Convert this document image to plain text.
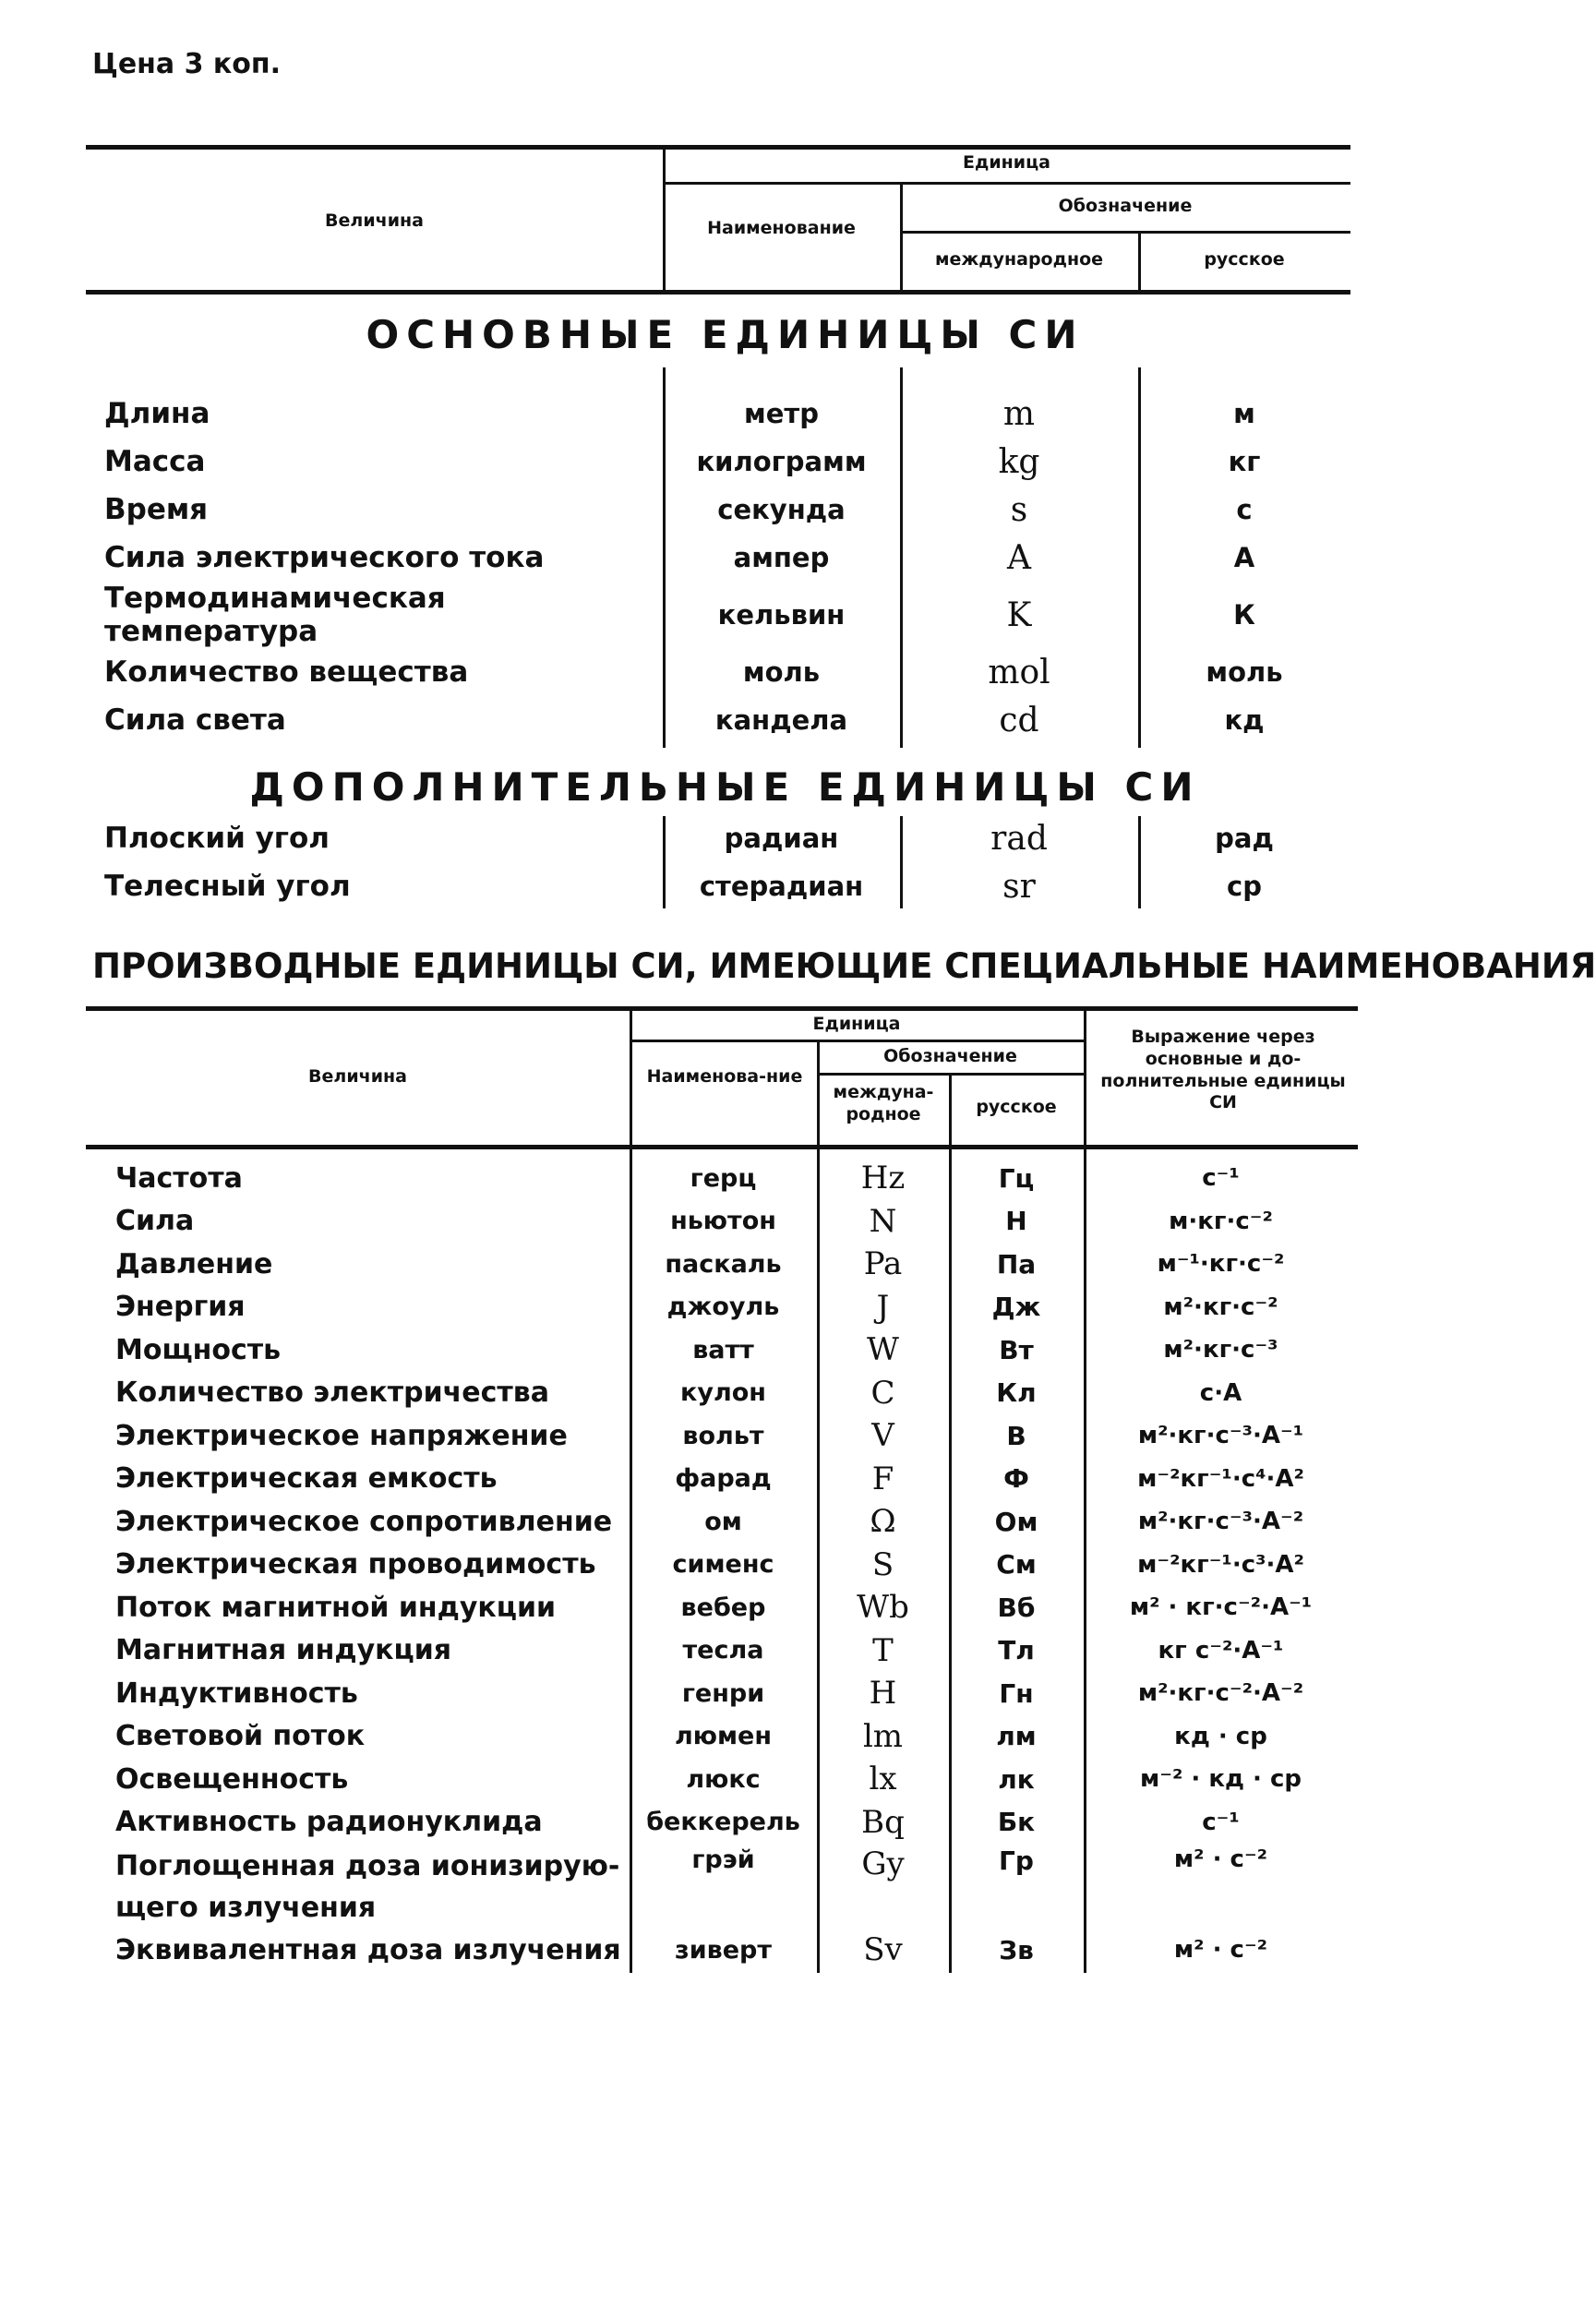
Цена 3 коп.
Величина
Единица
Наименование
Обозначение
международное	русское
ОСНОВНЫЕ ЕДИНИЦЫ СИ
Длина	метр	m	м
Масса	килограмм	kg	кг
Время	секунда	s	с
Сила электрического тока	ампер	A	А
Термодинамическая температура	кельвин	K	К
Количество вещества	моль	mol	моль
Сила света	кандела	cd	кд
ДОПОЛНИТЕЛЬНЫЕ ЕДИНИЦЫ СИ
Плоский угол	радиан	rad	рад
Телесный угол	стерадиан	sr	ср
ПРОИЗВОДНЫЕ ЕДИНИЦЫ СИ, ИМЕЮЩИЕ СПЕЦИАЛЬНЫЕ НАИМЕНОВАНИЯ
Величина
Единица
Наименова-ние
Обозначение
междуна-родное	русское
Выражение через основные и до-полнительные единицы СИ
Частота	герц	Hz	Гц	с⁻¹
Сила	ньютон	N	Н	м·кг·с⁻²
Давление	паскаль	Pa	Па	м⁻¹·кг·с⁻²
Энергия	джоуль	J	Дж	м²·кг·с⁻²
Мощность	ватт	W	Вт	м²·кг·с⁻³
Количество электричества	кулон	C	Кл	с·А
Электрическое напряжение	вольт	V	В	м²·кг·с⁻³·А⁻¹
Электрическая емкость	фарад	F	Ф	м⁻²кг⁻¹·с⁴·А²
Электрическое сопротивление	ом	Ω	Ом	м²·кг·с⁻³·А⁻²
Электрическая проводимость	сименс	S	См	м⁻²кг⁻¹·с³·А²
Поток магнитной индукции	вебер	Wb	Вб	м² · кг·с⁻²·А⁻¹
Магнитная индукция	тесла	T	Тл	кг с⁻²·А⁻¹
Индуктивность	генри	H	Гн	м²·кг·с⁻²·А⁻²
Световой поток	люмен	lm	лм	кд · ср
Освещенность	люкс	lx	лк	м⁻² · кд · ср
Активность радионуклида	беккерель	Bq	Бк	с⁻¹
Поглощенная доза ионизирую-щего излучения	грэй	Gy	Гр	м² · с⁻²
Эквивалентная доза излучения	зиверт	Sv	Зв	м² · с⁻²
